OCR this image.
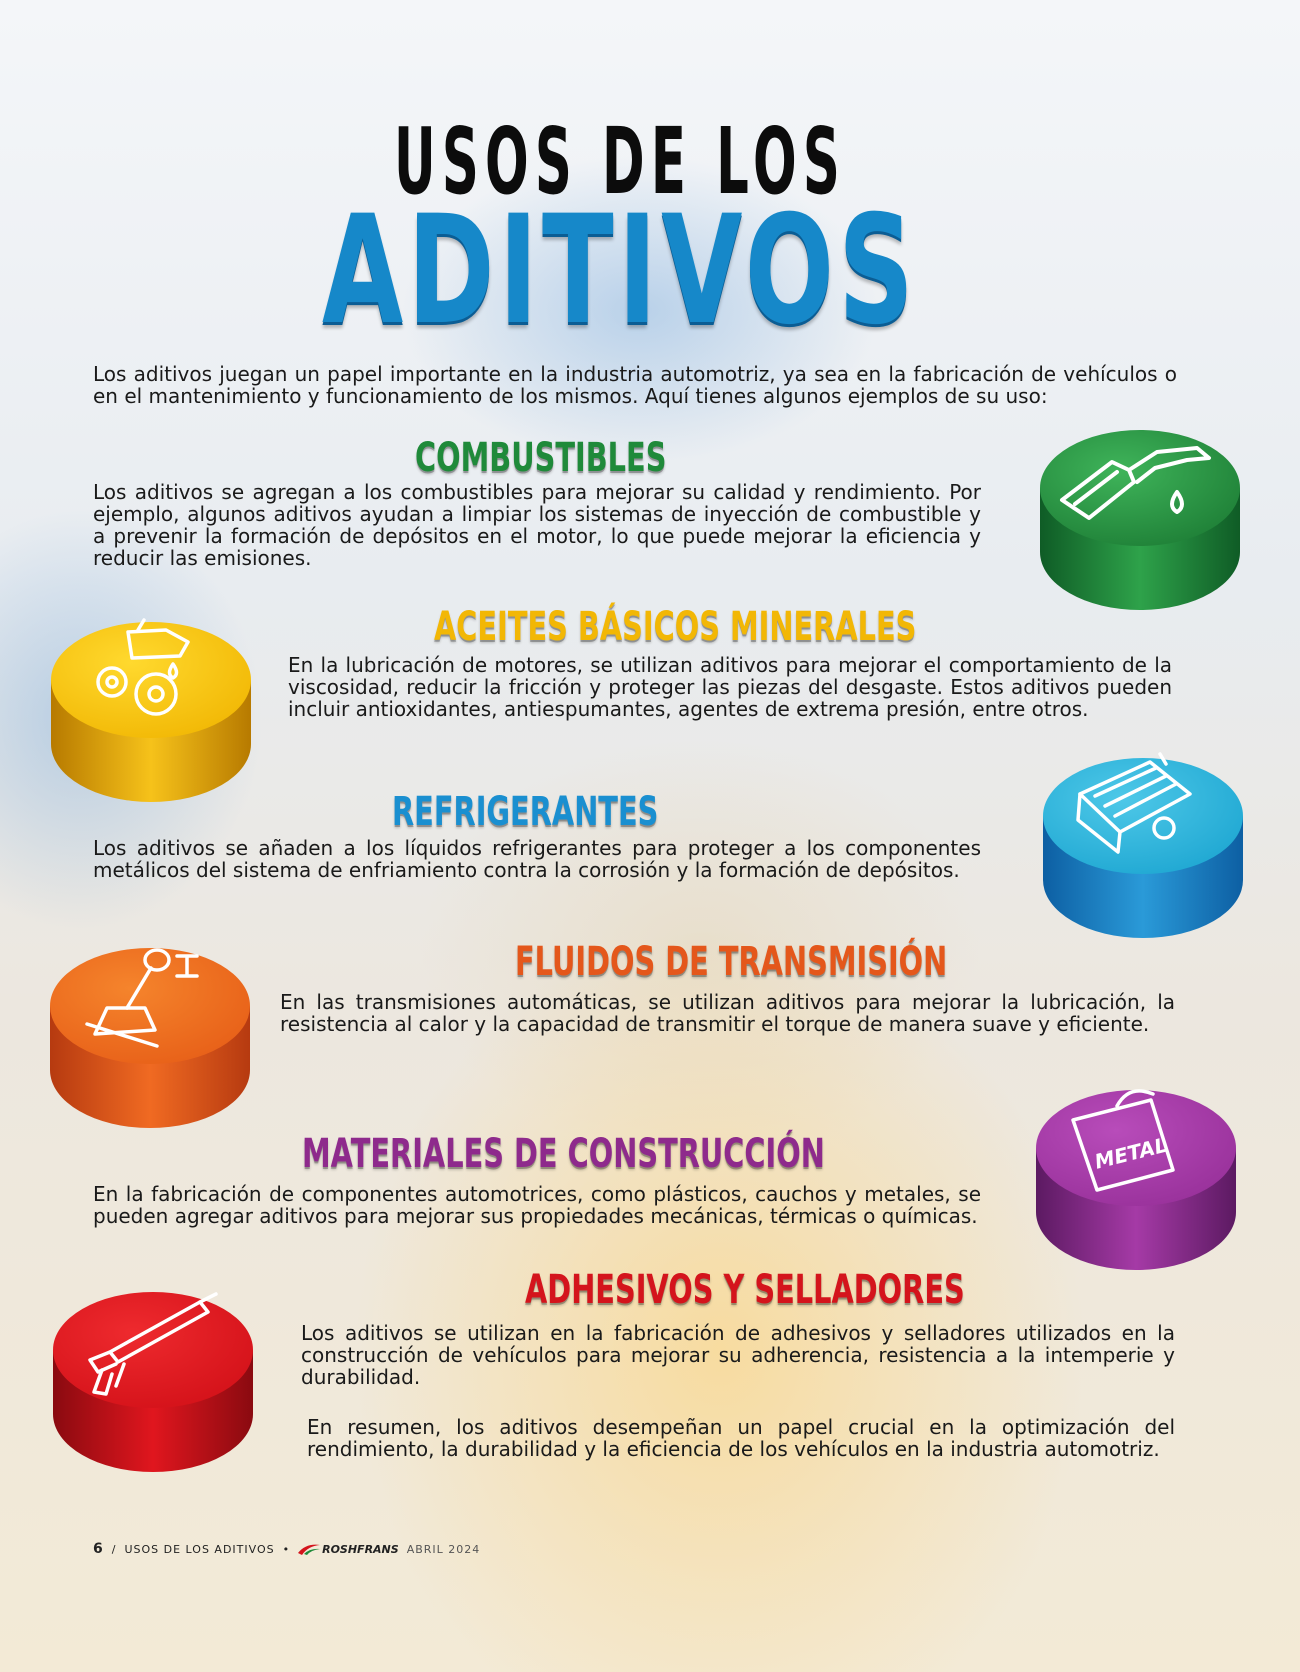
USOS DE LOS
ADITIVOS

Los aditivos juegan un papel importante en la industria automotriz, ya sea en la fabricación de vehículos o en el mantenimiento y funcionamiento de los mismos. Aquí tienes algunos ejemplos de su uso:

COMBUSTIBLES

Los aditivos se agregan a los combustibles para mejorar su calidad y rendimiento. Por ejemplo, algunos aditivos ayudan a limpiar los sistemas de inyección de combustible y a prevenir la formación de depósitos en el motor, lo que puede mejorar la eficiencia y reducir las emisiones.

ACEITES BÁSICOS MINERALES

En la lubricación de motores, se utilizan aditivos para mejorar el comportamiento de la viscosidad, reducir la fricción y proteger las piezas del desgaste. Estos aditivos pueden incluir antioxidantes, antiespumantes, agentes de extrema presión, entre otros.

REFRIGERANTES

Los aditivos se añaden a los líquidos refrigerantes para proteger a los componentes metálicos del sistema de enfriamiento contra la corrosión y la formación de depósitos.

FLUIDOS DE TRANSMISIÓN

En las transmisiones automáticas, se utilizan aditivos para mejorar la lubricación, la resistencia al calor y la capacidad de transmitir el torque de manera suave y eficiente.

MATERIALES DE CONSTRUCCIÓN

En la fabricación de componentes automotrices, como plásticos, cauchos y metales, se pueden agregar aditivos para mejorar sus propiedades mecánicas, térmicas o químicas.

METAL
ADHESIVOS Y SELLADORES

Los aditivos se utilizan en la fabricación de adhesivos y selladores utilizados en la construcción de vehículos para mejorar su adherencia, resistencia a la intemperie y durabilidad.

En resumen, los aditivos desempeñan un papel crucial en la optimización del rendimiento, la durabilidad y la eficiencia de los vehículos en la industria automotriz.

6 / USOS DE LOS ADITIVOS •	ROSHFRANS ABRIL 2024
